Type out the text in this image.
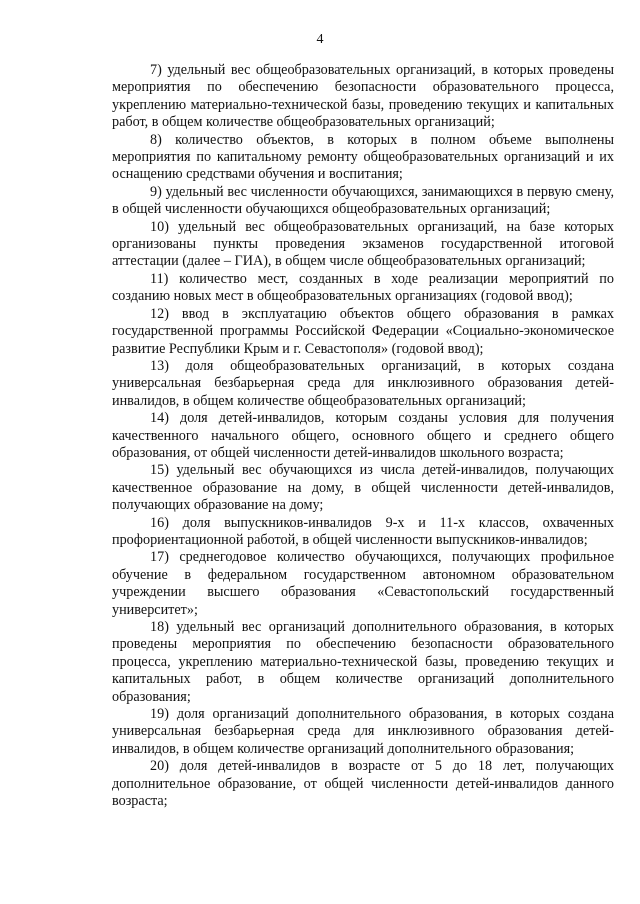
4

7) удельный вес общеобразовательных организаций, в которых проведены мероприятия по обеспечению безопасности образовательного процесса, укреплению материально-технической базы, проведению текущих и капитальных работ, в общем количестве общеобразовательных организаций;

8) количество объектов, в которых в полном объеме выполнены мероприятия по капитальному ремонту общеобразовательных организаций и их оснащению средствами обучения и воспитания;

9) удельный вес численности обучающихся, занимающихся в первую смену, в общей численности обучающихся общеобразовательных организаций;

10) удельный вес общеобразовательных организаций, на базе которых организованы пункты проведения экзаменов государственной итоговой аттестации (далее – ГИА), в общем числе общеобразовательных организаций;

11) количество мест, созданных в ходе реализации мероприятий по созданию новых мест в общеобразовательных организациях (годовой ввод);

12) ввод в эксплуатацию объектов общего образования в рамках государственной программы Российской Федерации «Социально-экономическое развитие Республики Крым и г. Севастополя» (годовой ввод);

13) доля общеобразовательных организаций, в которых создана универсальная безбарьерная среда для инклюзивного образования детей-инвалидов, в общем количестве общеобразовательных организаций;

14) доля детей-инвалидов, которым созданы условия для получения качественного начального общего, основного общего и среднего общего образования, от общей численности детей-инвалидов школьного возраста;

15) удельный вес обучающихся из числа детей-инвалидов, получающих качественное образование на дому, в общей численности детей-инвалидов, получающих образование на дому;

16) доля выпускников-инвалидов 9-х и 11-х классов, охваченных профориентационной работой, в общей численности выпускников-инвалидов;

17) среднегодовое количество обучающихся, получающих профильное обучение в федеральном государственном автономном образовательном учреждении высшего образования «Севастопольский государственный университет»;

18) удельный вес организаций дополнительного образования, в которых проведены мероприятия по обеспечению безопасности образовательного процесса, укреплению материально-технической базы, проведению текущих и капитальных работ, в общем количестве организаций дополнительного образования;

19) доля организаций дополнительного образования, в которых создана универсальная безбарьерная среда для инклюзивного образования детей-инвалидов, в общем количестве организаций дополнительного образования;

20) доля детей-инвалидов в возрасте от 5 до 18 лет, получающих дополнительное образование, от общей численности детей-инвалидов данного возраста;
